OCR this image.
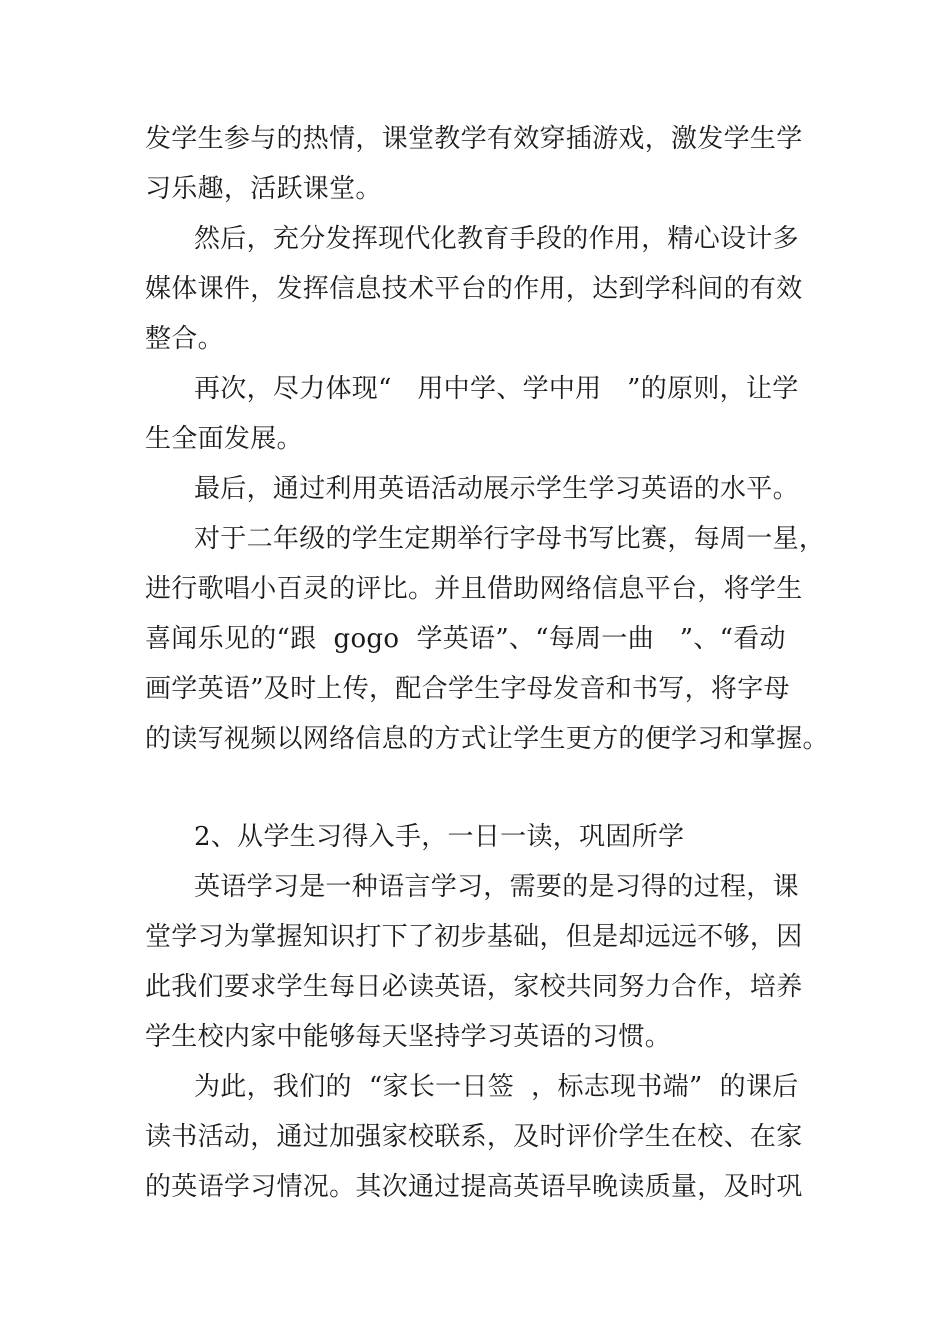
发学生参与的热情，课堂教学有效穿插游戏，激发学生学
习乐趣，活跃课堂。
然后，充分发挥现代化教育手段的作用，精心设计多
媒体课件，发挥信息技术平台的作用，达到学科间的有效
整合。
再次，尽力体现“   用中学、学中用   ”的原则，让学
生全面发展。
最后，通过利用英语活动展示学生学习英语的水平。
对于二年级的学生定期举行字母书写比赛，每周一星，
进行歌唱小百灵的评比。并且借助网络信息平台，将学生
喜闻乐见的“跟  gogo  学英语”、“每周一曲   ”、“看动
画学英语”及时上传，配合学生字母发音和书写，将字母
的读写视频以网络信息的方式让学生更方的便学习和掌握。
2、从学生习得入手，一日一读，巩固所学
英语学习是一种语言学习，需要的是习得的过程，课
堂学习为掌握知识打下了初步基础，但是却远远不够，因
此我们要求学生每日必读英语，家校共同努力合作，培养
学生校内家中能够每天坚持学习英语的习惯。
为此，我们的  “家长一日签  ，标志现书端”  的课后
读书活动，通过加强家校联系，及时评价学生在校、在家
的英语学习情况。其次通过提高英语早晚读质量，及时巩
